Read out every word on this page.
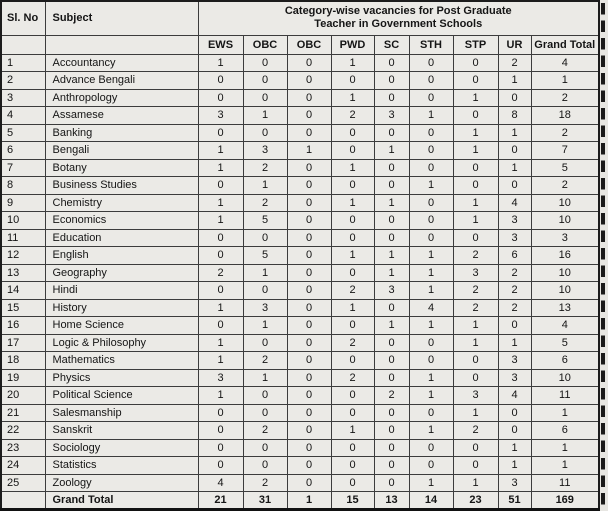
Sl. No	Subject	Category-wise vacancies for Post Graduate
Teacher in Government Schools								

		EWS	OBC	OBC	PWD	SC	STH	STP	UR	Grand Total
1	Accountancy	1	0	0	1	0	0	0	2	4
2	Advance Bengali	0	0	0	0	0	0	0	1	1
3	Anthropology	0	0	0	1	0	0	1	0	2
4	Assamese	3	1	0	2	3	1	0	8	18
5	Banking	0	0	0	0	0	0	1	1	2
6	Bengali	1	3	1	0	1	0	1	0	7
7	Botany	1	2	0	1	0	0	0	1	5
8	Business Studies	0	1	0	0	0	1	0	0	2
9	Chemistry	1	2	0	1	1	0	1	4	10
10	Economics	1	5	0	0	0	0	1	3	10
11	Education	0	0	0	0	0	0	0	3	3
12	English	0	5	0	1	1	1	2	6	16
13	Geography	2	1	0	0	1	1	3	2	10
14	Hindi	0	0	0	2	3	1	2	2	10
15	History	1	3	0	1	0	4	2	2	13
16	Home Science	0	1	0	0	1	1	1	0	4
17	Logic & Philosophy	1	0	0	2	0	0	1	1	5
18	Mathematics	1	2	0	0	0	0	0	3	6
19	Physics	3	1	0	2	0	1	0	3	10
20	Political Science	1	0	0	0	2	1	3	4	11
21	Salesmanship	0	0	0	0	0	0	1	0	1
22	Sanskrit	0	2	0	1	0	1	2	0	6
23	Sociology	0	0	0	0	0	0	0	1	1
24	Statistics	0	0	0	0	0	0	0	1	1
25	Zoology	4	2	0	0	0	1	1	3	11
	Grand Total	21	31	1	15	13	14	23	51	169
